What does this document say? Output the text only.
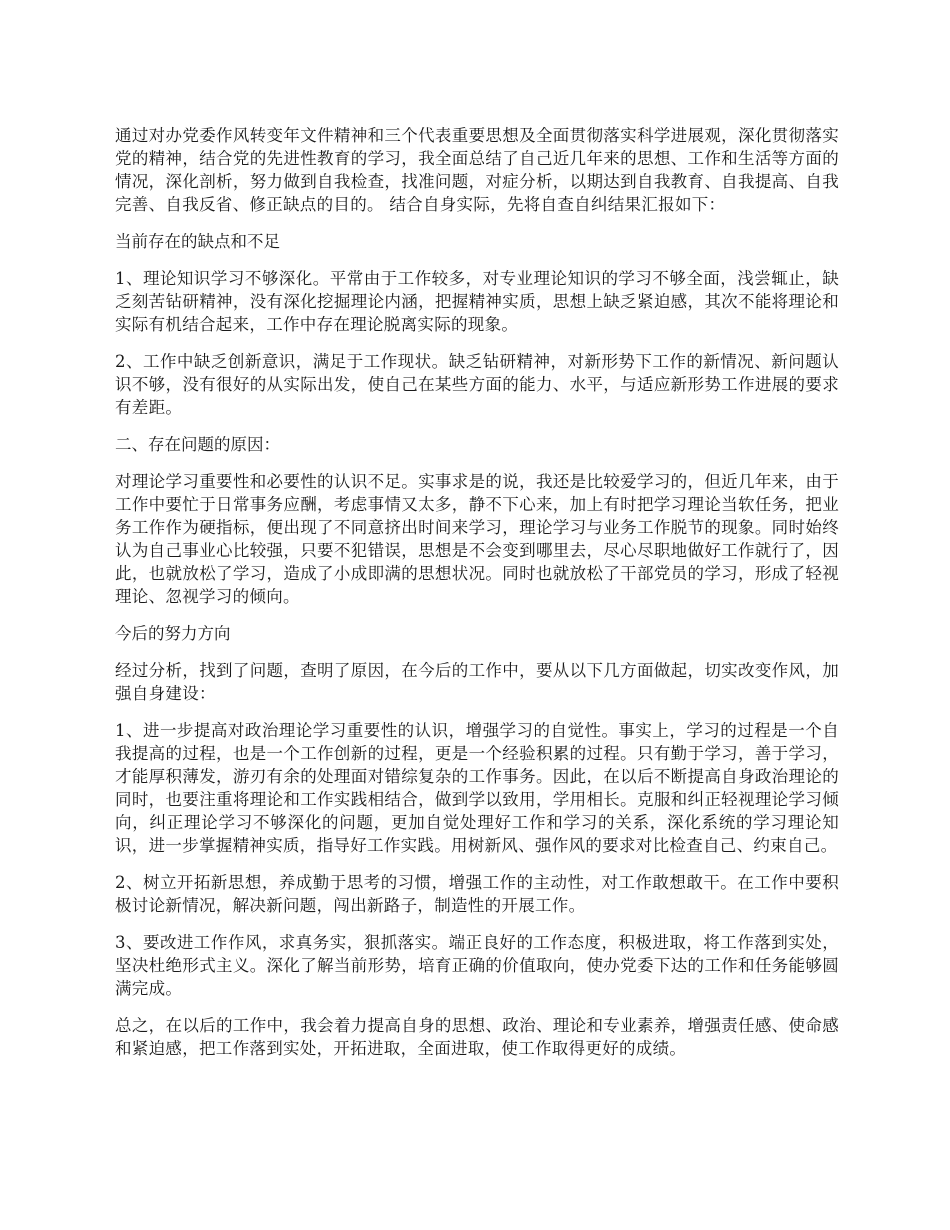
通过对办党委作风转变年文件精神和三个代表重要思想及全面贯彻落实科学进展观，深化贯彻落实党的精神，结合党的先进性教育的学习，我全面总结了自己近几年来的思想、工作和生活等方面的情况，深化剖析，努力做到自我检查，找准问题，对症分析，以期达到自我教育、自我提高、自我完善、自我反省、修正缺点的目的。 结合自身实际，先将自查自纠结果汇报如下：

当前存在的缺点和不足

1、理论知识学习不够深化。平常由于工作较多，对专业理论知识的学习不够全面，浅尝辄止，缺乏刻苦钻研精神，没有深化挖掘理论内涵，把握精神实质，思想上缺乏紧迫感，其次不能将理论和实际有机结合起来，工作中存在理论脱离实际的现象。

2、工作中缺乏创新意识，满足于工作现状。缺乏钻研精神，对新形势下工作的新情况、新问题认识不够，没有很好的从实际出发，使自己在某些方面的能力、水平，与适应新形势工作进展的要求有差距。

二、存在问题的原因：

对理论学习重要性和必要性的认识不足。实事求是的说，我还是比较爱学习的，但近几年来，由于工作中要忙于日常事务应酬，考虑事情又太多，静不下心来，加上有时把学习理论当软任务，把业务工作作为硬指标，便出现了不同意挤出时间来学习，理论学习与业务工作脱节的现象。同时始终认为自己事业心比较强，只要不犯错误，思想是不会变到哪里去，尽心尽职地做好工作就行了，因此，也就放松了学习，造成了小成即满的思想状况。同时也就放松了干部党员的学习，形成了轻视理论、忽视学习的倾向。

今后的努力方向

经过分析，找到了问题，查明了原因，在今后的工作中，要从以下几方面做起，切实改变作风，加强自身建设：

1、进一步提高对政治理论学习重要性的认识，增强学习的自觉性。事实上，学习的过程是一个自我提高的过程，也是一个工作创新的过程，更是一个经验积累的过程。只有勤于学习，善于学习，才能厚积薄发，游刃有余的处理面对错综复杂的工作事务。因此，在以后不断提高自身政治理论的同时，也要注重将理论和工作实践相结合，做到学以致用，学用相长。克服和纠正轻视理论学习倾向，纠正理论学习不够深化的问题，更加自觉处理好工作和学习的关系，深化系统的学习理论知识，进一步掌握精神实质，指导好工作实践。用树新风、强作风的要求对比检查自己、约束自己。

2、树立开拓新思想，养成勤于思考的习惯，增强工作的主动性，对工作敢想敢干。在工作中要积极讨论新情况，解决新问题，闯出新路子，制造性的开展工作。

3、要改进工作作风，求真务实，狠抓落实。端正良好的工作态度，积极进取，将工作落到实处，坚决杜绝形式主义。深化了解当前形势，培育正确的价值取向，使办党委下达的工作和任务能够圆满完成。

总之，在以后的工作中，我会着力提高自身的思想、政治、理论和专业素养，增强责任感、使命感和紧迫感，把工作落到实处，开拓进取，全面进取，使工作取得更好的成绩。
